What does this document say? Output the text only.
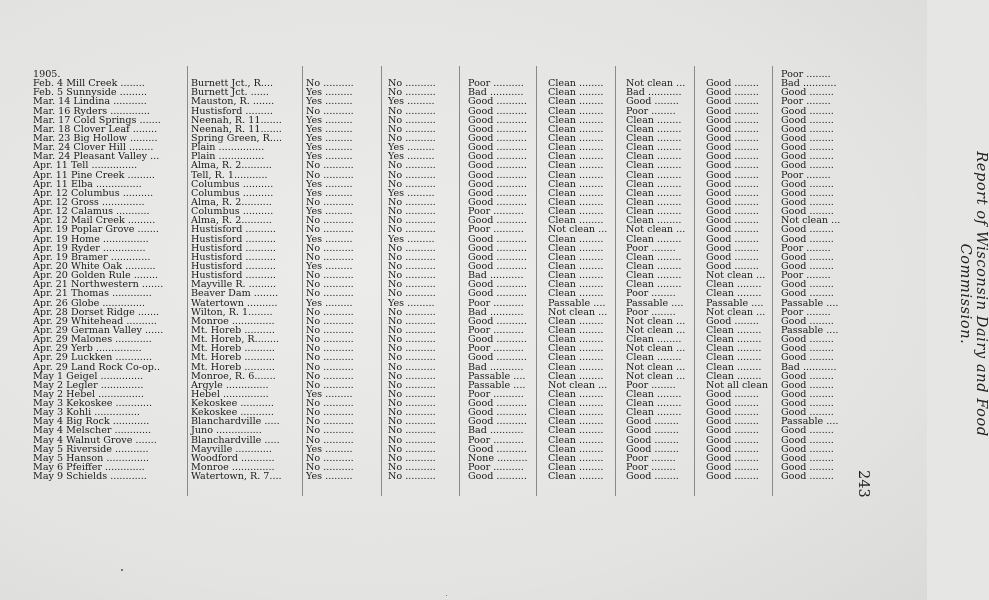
1905.								Poor ........
Feb. 4 Mill Creek ........	Burnett Jct., R....	No ..........	No ..........	Poor ..........	Clean ........	Not clean ...	Good ........	Bad ...........
Feb. 5 Sunnyside .........	Burnett Jct. ......	Yes .........	No ..........	Bad ...........	Clean ........	Bad ...........	Good ........	Good ........
Mar. 14 Lindina ...........	Mauston, R. .......	Yes .........	Yes .........	Good ..........	Clean ........	Good ........	Good ........	Poor ........
Mar. 16 Ryders .............	Hustisford .........	No ..........	No ..........	Good ..........	Clean ........	Poor ........	Good ........	Good ........
Mar. 17 Cold Springs .......	Neenah, R. 11.......	Yes .........	No ..........	Good ..........	Clean ........	Clean ........	Good ........	Good ........
Mar. 18 Clover Leaf ........	Neenah, R. 11.......	Yes .........	No ..........	Good ..........	Clean ........	Clean ........	Good ........	Good ........
Mar. 23 Big Hollow .........	Spring Green, R....	Yes .........	No ..........	Good ..........	Clean ........	Clean ........	Good ........	Good ........
Mar. 24 Clover Hill ........	Plain ...............	Yes .........	Yes .........	Good ..........	Clean ........	Clean ........	Good ........	Good ........
Mar. 24 Pleasant Valley ...	Plain ...............	Yes .........	Yes .........	Good ..........	Clean ........	Clean ........	Good ........	Good ........
Apr. 11 Tell ...............	Alma, R. 2..........	No ..........	No ..........	Good ..........	Clean ........	Clean ........	Good ........	Good ........
Apr. 11 Pine Creek .........	Tell, R. 1...........	No ..........	No ..........	Good ..........	Clean ........	Clean ........	Good ........	Poor ........
Apr. 11 Elba ...............	Columbus ..........	Yes .........	No ..........	Good ..........	Clean ........	Clean ........	Good ........	Good ........
Apr. 12 Columbus ..........	Columbus ..........	Yes .........	Yes .........	Good ..........	Clean ........	Clean ........	Good ........	Good ........
Apr. 12 Gross ..............	Alma, R. 2..........	No ..........	No ..........	Good ..........	Clean ........	Clean ........	Good ........	Good ........
Apr. 12 Calamus ...........	Columbus ..........	Yes .........	No ..........	Poor ..........	Clean ........	Clean ........	Good ........	Good ........
Apr. 12 Mail Creek .........	Alma, R. 2..........	No ..........	No ..........	Good ..........	Clean ........	Clean ........	Good ........	Not clean ...
Apr. 19 Poplar Grove .......	Hustisford ..........	No ..........	No ..........	Poor ..........	Not clean ...	Not clean ...	Good ........	Good ........
Apr. 19 Home ...............	Hustisford ..........	Yes .........	Yes .........	Good ..........	Clean ........	Clean ........	Good ........	Good ........
Apr. 19 Ryder ..............	Hustisford ..........	No ..........	No ..........	Good ..........	Clean ........	Poor ........	Good ........	Poor ........
Apr. 19 Bramer .............	Hustisford ..........	No ..........	No ..........	Good ..........	Clean ........	Clean ........	Good ........	Good ........
Apr. 20 White Oak ..........	Hustisford ..........	Yes .........	No ..........	Good ..........	Clean ........	Clean ........	Good ........	Good ........
Apr. 20 Golden Rule ........	Hustisford ..........	No ..........	No ..........	Bad ...........	Clean ........	Clean ........	Not clean ...	Poor ........
Apr. 21 Northwestern .......	Mayville R. .........	No ..........	No ..........	Good ..........	Clean ........	Clean ........	Clean ........	Good ........
Apr. 21 Thomas .............	Beaver Dam ........	No ..........	No ..........	Good ..........	Clean ........	Poor ........	Clean ........	Good ........
Apr. 26 Globe ..............	Watertown ..........	Yes .........	Yes .........	Poor ..........	Passable ....	Passable ....	Passable ....	Passable ....
Apr. 28 Dorset Ridge .......	Wilton, R. 1........	No ..........	No ..........	Bad ...........	Not clean ...	Poor ........	Not clean ...	Poor ........
Apr. 29 Whitehead ..........	Monroe ..............	No ..........	No ..........	Good ..........	Clean ........	Not clean ...	Good ........	Good ........
Apr. 29 German Valley ......	Mt. Horeb ..........	No ..........	No ..........	Poor ..........	Clean ........	Not clean ...	Clean ........	Passable ....
Apr. 29 Malones ............	Mt. Horeb, R........	No ..........	No ..........	Good ..........	Clean ........	Clean ........	Clean ........	Good ........
Apr. 29 Yerb ...............	Mt. Horeb ..........	No ..........	No ..........	Poor ..........	Clean ........	Not clean ...	Clean ........	Good ........
Apr. 29 Luckken ............	Mt. Horeb ..........	No ..........	No ..........	Good ..........	Clean ........	Clean ........	Clean ........	Good ........
Apr. 29 Land Rock Co-op..	Mt. Horeb ..........	No ..........	No ..........	Bad ...........	Clean ........	Not clean ...	Clean ........	Bad ...........
May 1 Geigel ..............	Monroe, R. 6.......	No ..........	No ..........	Passable ....	Clean ........	Not clean ...	Clean ........	Good ........
May 2 Legler ..............	Argyle ..............	No ..........	No ..........	Passable ....	Not clean ...	Poor ........	Not all clean	Good ........
May 2 Hebel ...............	Hebel ...............	Yes .........	No ..........	Poor ..........	Clean ........	Clean ........	Good ........	Good ........
May 3 Kekoskee ............	Kekoskee ...........	No ..........	No ..........	Good ..........	Clean ........	Clean ........	Good ........	Good ........
May 3 Kohli ...............	Kekoskee ...........	No ..........	No ..........	Good ..........	Clean ........	Clean ........	Good ........	Good ........
May 4 Big Rock ............	Blanchardville .....	No ..........	No ..........	Good ..........	Clean ........	Good ........	Good ........	Passable ....
May 4 Melscher ............	Juno ...............	No ..........	No ..........	Bad ...........	Clean ........	Good ........	Good ........	Good ........
May 4 Walnut Grove .......	Blanchardville .....	No ..........	No ..........	Poor ..........	Clean ........	Good ........	Good ........	Good ........
May 5 Riverside ...........	Mayville ............	Yes .........	No ..........	Good ..........	Clean ........	Good ........	Good ........	Good ........
May 5 Hanson ..............	Woodford ...........	No ..........	No ..........	None ..........	Clean ........	Poor ........	Good ........	Good ........
May 6 Pfeiffer .............	Monroe ..............	No ..........	No ..........	Poor ..........	Clean ........	Poor ........	Good ........	Good ........
May 9 Schields ............	Watertown, R. 7....	Yes .........	No ..........	Good ..........	Clean ........	Good ........	Good ........	Good ........
Report of Wisconsin Dairy and Food Commission.
243
